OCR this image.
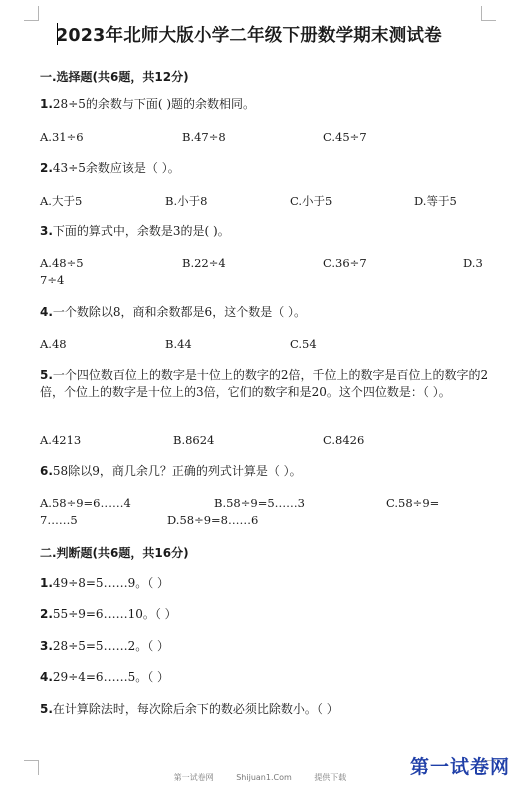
2023年北师大版小学二年级下册数学期末测试卷
一.选择题(共6题，共12分)
1.28÷5的余数与下面( )题的余数相同。
A.31÷6	B.47÷8	C.45÷7
2.43÷5余数应该是（ ）。
A.大于5	B.小于8	C.小于5	D.等于5
3.下面的算式中，余数是3的是( )。
A.48÷5	B.22÷4	C.36÷7	D.3
7÷4
4.一个数除以8，商和余数都是6，这个数是（ ）。
A.48	B.44	C.54
5.一个四位数百位上的数字是十位上的数字的2倍，千位上的数字是百位上的数字的2倍，个位上的数字是十位上的3倍，它们的数字和是20。这个四位数是：（ ）。
A.4213	B.8624	C.8426
6.58除以9，商几余几？正确的列式计算是（ ）。
A.58÷9=6……4	B.58÷9=5……3	C.58÷9=
7……5	D.58÷9=8……6
二.判断题(共6题，共16分)
1.49÷8=5……9。（ ）
2.55÷9=6……10。（ ）
3.28÷5=5……2。（ ）
4.29÷4=6……5。（ ）
5.在计算除法时，每次除后余下的数必须比除数小。（ ）
第一试卷网	Shijuan1.Com	提供下载	第一试卷网
